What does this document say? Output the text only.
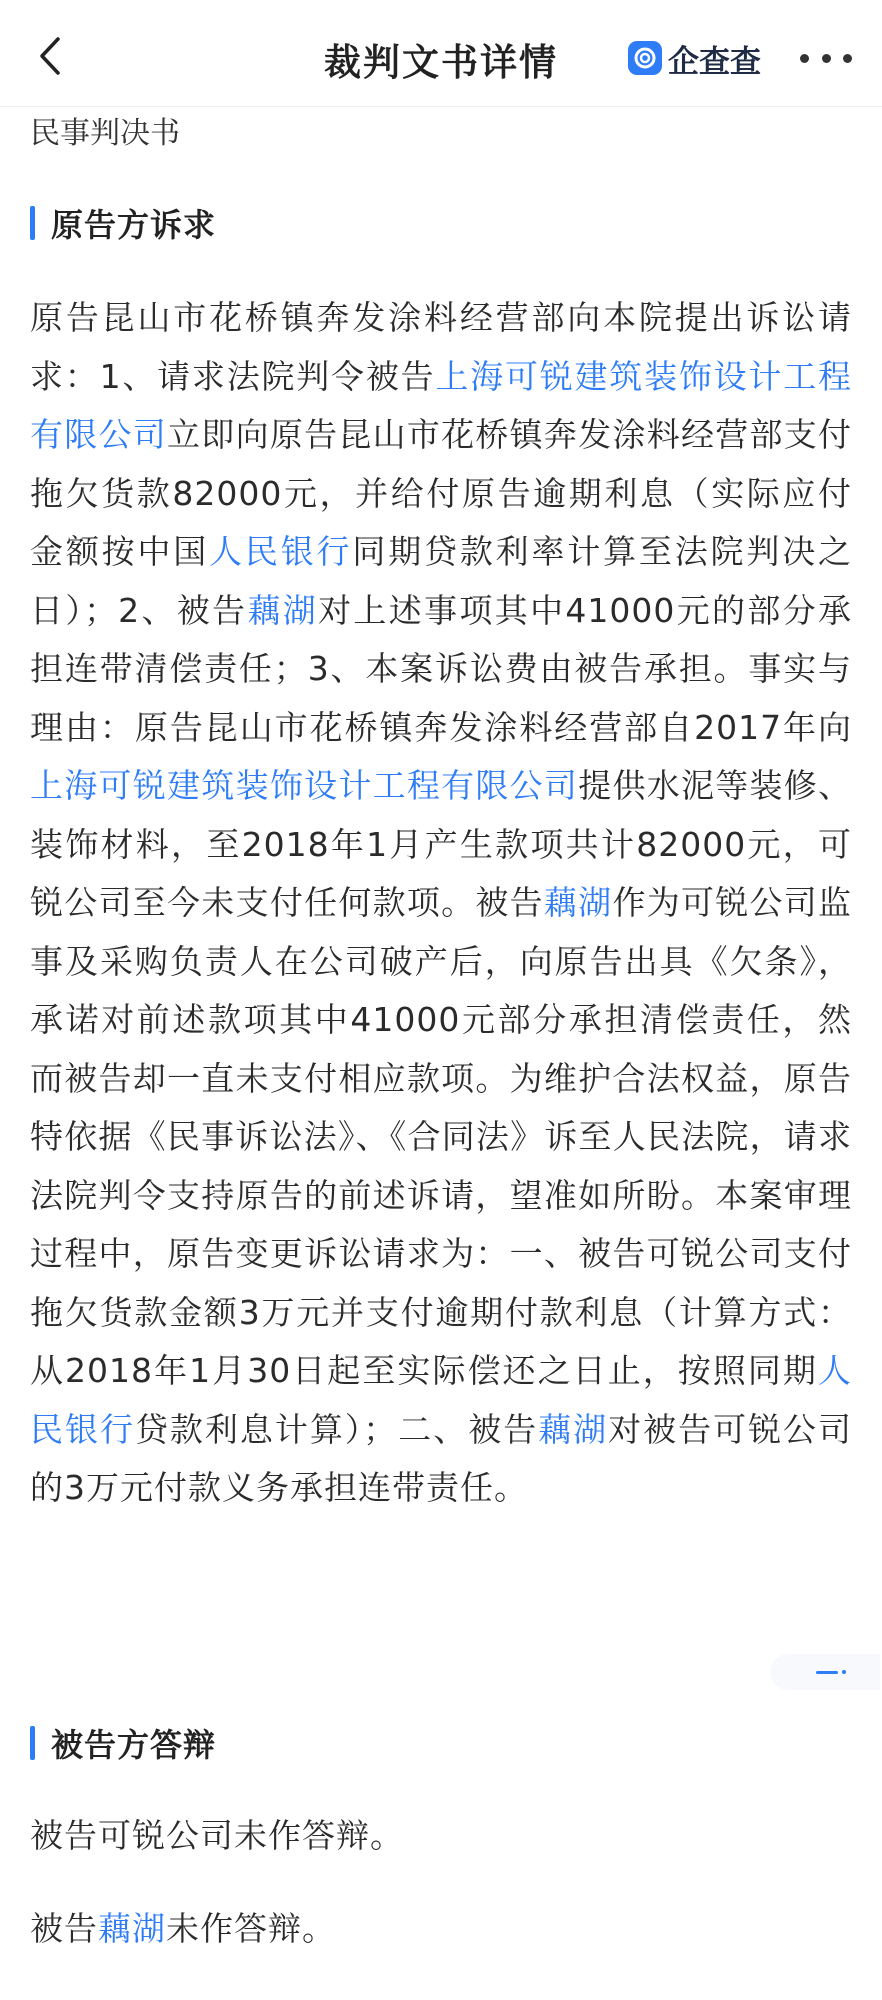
裁判文书详情	企查查
民事判决书
原告方诉求
原告昆山市花桥镇奔发涂料经营部向本院提出诉讼请求：1、请求法院判令被告上海可锐建筑装饰设计工程有限公司立即向原告昆山市花桥镇奔发涂料经营部支付拖欠货款82000元，并给付原告逾期利息（实际应付金额按中国人民银行同期贷款利率计算至法院判决之日）；2、被告藕湖对上述事项其中41000元的部分承担连带清偿责任；3、本案诉讼费由被告承担。事实与理由：原告昆山市花桥镇奔发涂料经营部自2017年向上海可锐建筑装饰设计工程有限公司提供水泥等装修、装饰材料，至2018年1月产生款项共计82000元，可锐公司至今未支付任何款项。被告藕湖作为可锐公司监事及采购负责人在公司破产后，向原告出具《欠条》，承诺对前述款项其中41000元部分承担清偿责任，然而被告却一直未支付相应款项。为维护合法权益，原告特依据《民事诉讼法》、《合同法》诉至人民法院，请求法院判令支持原告的前述诉请，望准如所盼。本案审理过程中，原告变更诉讼请求为：一、被告可锐公司支付拖欠货款金额3万元并支付逾期付款利息（计算方式：从2018年1月30日起至实际偿还之日止，按照同期人民银行贷款利息计算）；二、被告藕湖对被告可锐公司的3万元付款义务承担连带责任。
被告方答辩
被告可锐公司未作答辩。
被告藕湖未作答辩。
